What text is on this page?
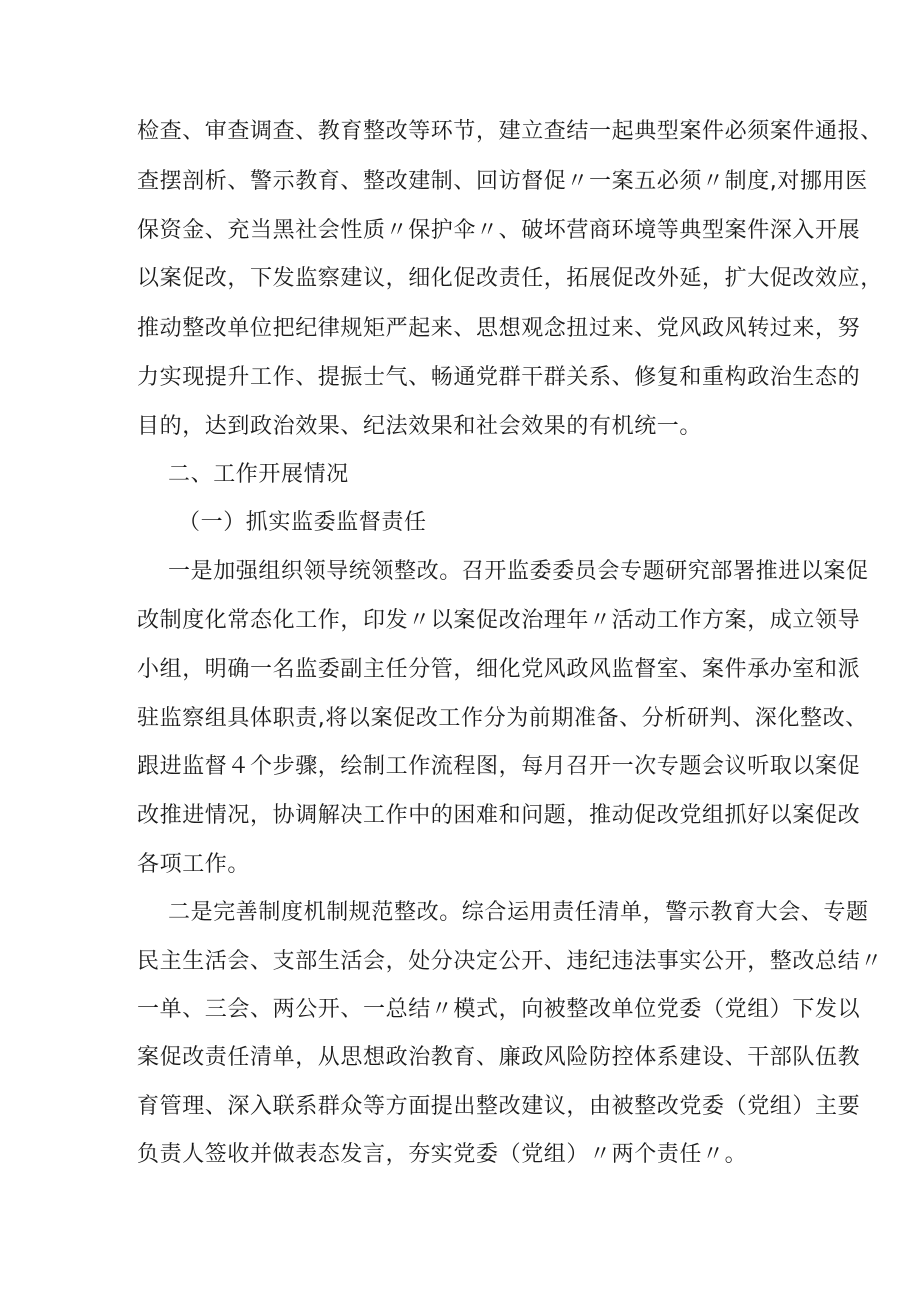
检查、审查调查、教育整改等环节，建立查结一起典型案件必须案件通报、
查摆剖析、警示教育、整改建制、回访督促〃一案五必须〃制度,对挪用医
保资金、充当黑社会性质〃保护伞〃、破坏营商环境等典型案件深入开展
以案促改，下发监察建议，细化促改责任，拓展促改外延，扩大促改效应，
推动整改单位把纪律规矩严起来、思想观念扭过来、党风政风转过来，努
力实现提升工作、提振士气、畅通党群干群关系、修复和重构政治生态的
目的，达到政治效果、纪法效果和社会效果的有机统一。
二、工作开展情况
（一）抓实监委监督责任
一是加强组织领导统领整改。召开监委委员会专题研究部署推进以案促
改制度化常态化工作，印发〃以案促改治理年〃活动工作方案，成立领导
小组，明确一名监委副主任分管，细化党风政风监督室、案件承办室和派
驻监察组具体职责,将以案促改工作分为前期准备、分析研判、深化整改、
跟进监督４个步骤，绘制工作流程图，每月召开一次专题会议听取以案促
改推进情况，协调解决工作中的困难和问题，推动促改党组抓好以案促改
各项工作。
二是完善制度机制规范整改。综合运用责任清单，警示教育大会、专题
民主生活会、支部生活会，处分决定公开、违纪违法事实公开，整改总结〃
一单、三会、两公开、一总结〃模式，向被整改单位党委（党组）下发以
案促改责任清单，从思想政治教育、廉政风险防控体系建设、干部队伍教
育管理、深入联系群众等方面提出整改建议，由被整改党委（党组）主要
负责人签收并做表态发言，夯实党委（党组）〃两个责任〃。
